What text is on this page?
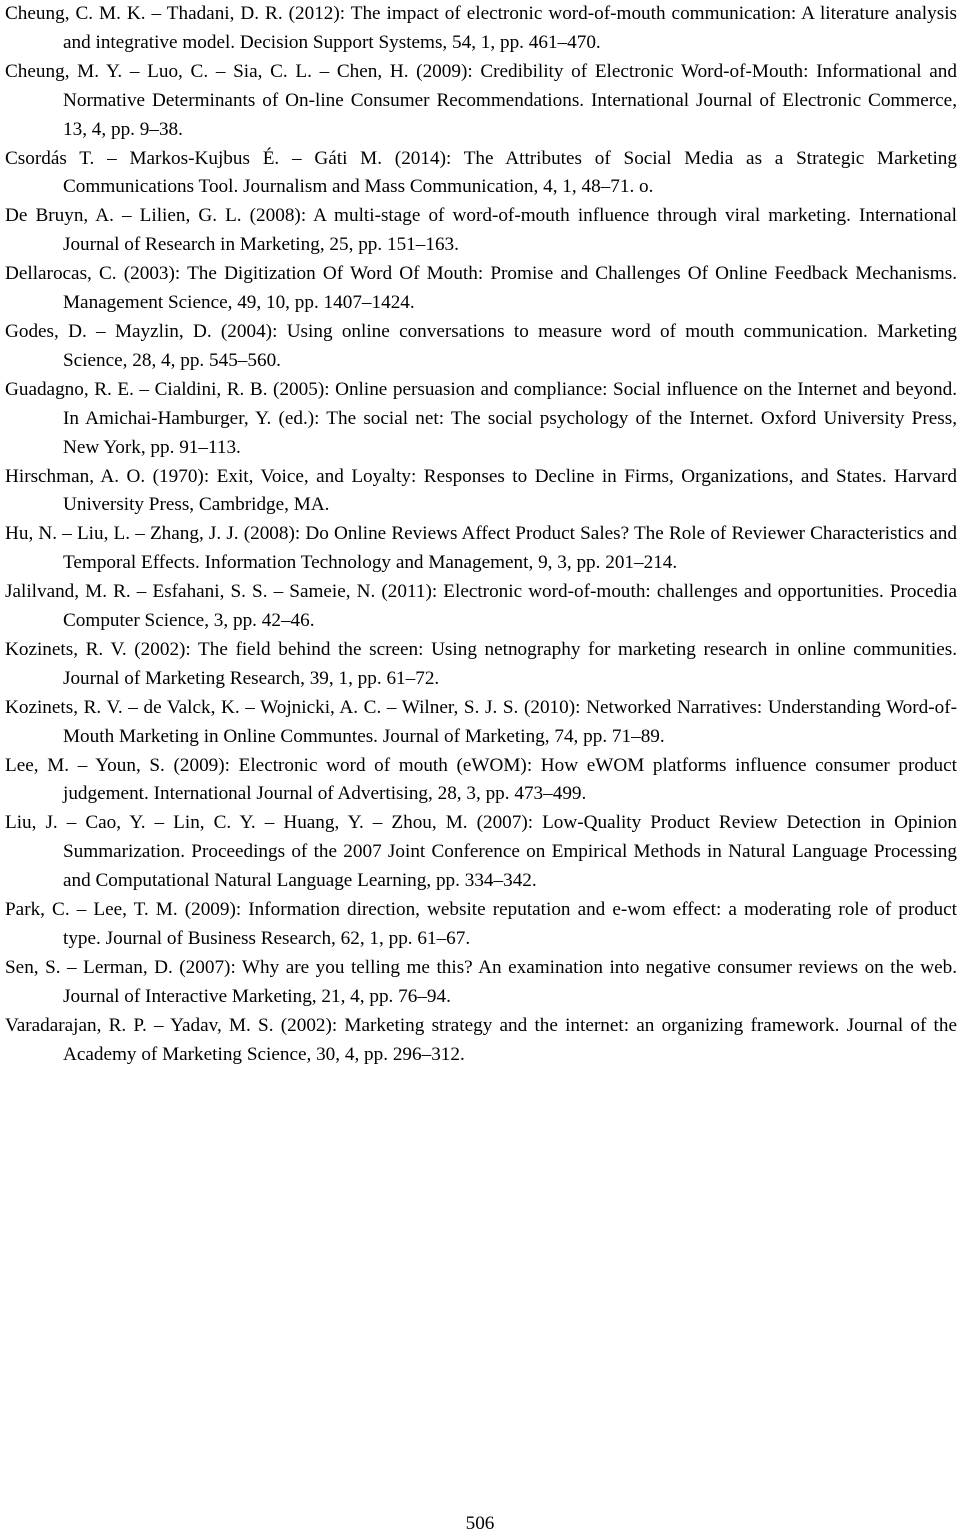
Cheung, C. M. K. – Thadani, D. R. (2012): The impact of electronic word-of-mouth communication: A literature analysis and integrative model. Decision Support Systems, 54, 1, pp. 461–470.
Cheung, M. Y. – Luo, C. – Sia, C. L. – Chen, H. (2009): Credibility of Electronic Word-of-Mouth: Informational and Normative Determinants of On-line Consumer Recommendations. International Journal of Electronic Commerce, 13, 4, pp. 9–38.
Csordás T. – Markos-Kujbus É. – Gáti M. (2014): The Attributes of Social Media as a Strategic Marketing Communications Tool. Journalism and Mass Communication, 4, 1, 48–71. o.
De Bruyn, A. – Lilien, G. L. (2008): A multi-stage of word-of-mouth influence through viral marketing. International Journal of Research in Marketing, 25, pp. 151–163.
Dellarocas, C. (2003): The Digitization Of Word Of Mouth: Promise and Challenges Of Online Feedback Mechanisms. Management Science, 49, 10, pp. 1407–1424.
Godes, D. – Mayzlin, D. (2004): Using online conversations to measure word of mouth communication. Marketing Science, 28, 4, pp. 545–560.
Guadagno, R. E. – Cialdini, R. B. (2005): Online persuasion and compliance: Social influence on the Internet and beyond. In Amichai-Hamburger, Y. (ed.): The social net: The social psychology of the Internet. Oxford University Press, New York, pp. 91–113.
Hirschman, A. O. (1970): Exit, Voice, and Loyalty: Responses to Decline in Firms, Organizations, and States. Harvard University Press, Cambridge, MA.
Hu, N. – Liu, L. – Zhang, J. J. (2008): Do Online Reviews Affect Product Sales? The Role of Reviewer Characteristics and Temporal Effects. Information Technology and Management, 9, 3, pp. 201–214.
Jalilvand, M. R. – Esfahani, S. S. – Sameie, N. (2011): Electronic word-of-mouth: challenges and opportunities. Procedia Computer Science, 3, pp. 42–46.
Kozinets, R. V. (2002): The field behind the screen: Using netnography for marketing research in online communities. Journal of Marketing Research, 39, 1, pp. 61–72.
Kozinets, R. V. – de Valck, K. – Wojnicki, A. C. – Wilner, S. J. S. (2010): Networked Narratives: Understanding Word-of-Mouth Marketing in Online Communtes. Journal of Marketing, 74, pp. 71–89.
Lee, M. – Youn, S. (2009): Electronic word of mouth (eWOM): How eWOM platforms influence consumer product judgement. International Journal of Advertising, 28, 3, pp. 473–499.
Liu, J. – Cao, Y. – Lin, C. Y. – Huang, Y. – Zhou, M. (2007): Low-Quality Product Review Detection in Opinion Summarization. Proceedings of the 2007 Joint Conference on Empirical Methods in Natural Language Processing and Computational Natural Language Learning, pp. 334–342.
Park, C. – Lee, T. M. (2009): Information direction, website reputation and e-wom effect: a moderating role of product type. Journal of Business Research, 62, 1, pp. 61–67.
Sen, S. – Lerman, D. (2007): Why are you telling me this? An examination into negative consumer reviews on the web. Journal of Interactive Marketing, 21, 4, pp. 76–94.
Varadarajan, R. P. – Yadav, M. S. (2002): Marketing strategy and the internet: an organizing framework. Journal of the Academy of Marketing Science, 30, 4, pp. 296–312.
506
